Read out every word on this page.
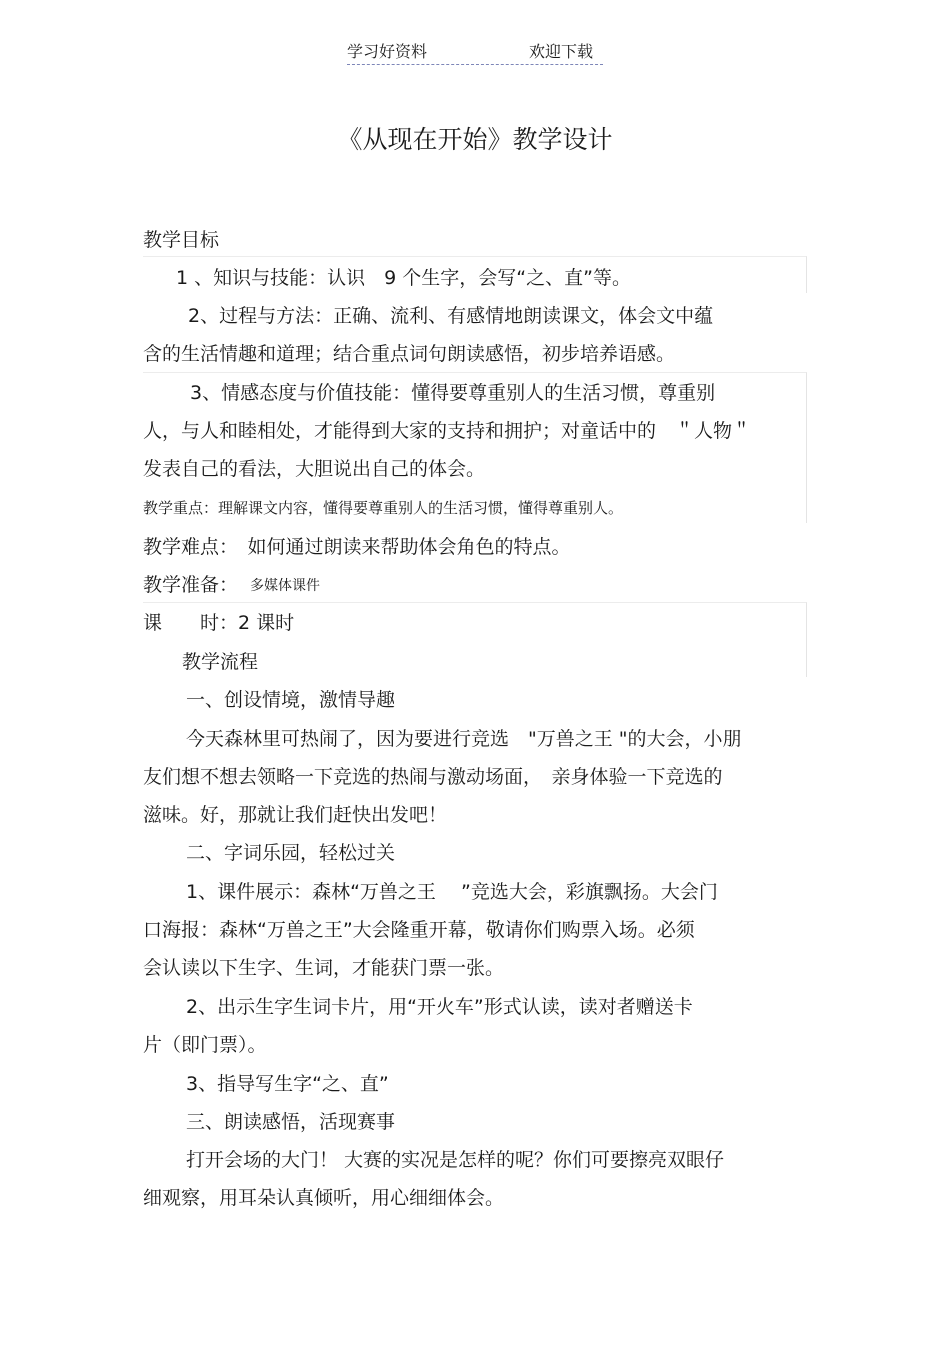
学习好资料	欢迎下载
《从现在开始》教学设计
教学目标
1 、知识与技能：认识　9 个生字，会写“之、直”等。
2、过程与方法：正确、流利、有感情地朗读课文，体会文中蕴
含的生活情趣和道理；结合重点词句朗读感悟，初步培养语感。
3、情感态度与价值技能：懂得要尊重别人的生活习惯，尊重别
人，与人和睦相处，才能得到大家的支持和拥护；对童话中的　＂人物＂
发表自己的看法，大胆说出自己的体会。
教学重点：理解课文内容，懂得要尊重别人的生活习惯，懂得尊重别人。
教学难点：　如何通过朗读来帮助体会角色的特点。
教学准备： 多媒体课件
课　　时：2 课时
教学流程
一、创设情境，激情导趣
今天森林里可热闹了，因为要进行竞选　"万兽之王 "的大会，小朋
友们想不想去领略一下竞选的热闹与激动场面，　亲身体验一下竞选的
滋味。好，那就让我们赶快出发吧！
二、字词乐园，轻松过关
1、课件展示：森林“万兽之王　 ”竞选大会，彩旗飘扬。大会门
口海报：森林“万兽之王”大会隆重开幕，敬请你们购票入场。必须
会认读以下生字、生词，才能获门票一张。
2、出示生字生词卡片，用“开火车”形式认读，读对者赠送卡
片（即门票）。
3、指导写生字“之、直”
三、朗读感悟，活现赛事
打开会场的大门！ 大赛的实况是怎样的呢？你们可要擦亮双眼仔
细观察，用耳朵认真倾听，用心细细体会。
